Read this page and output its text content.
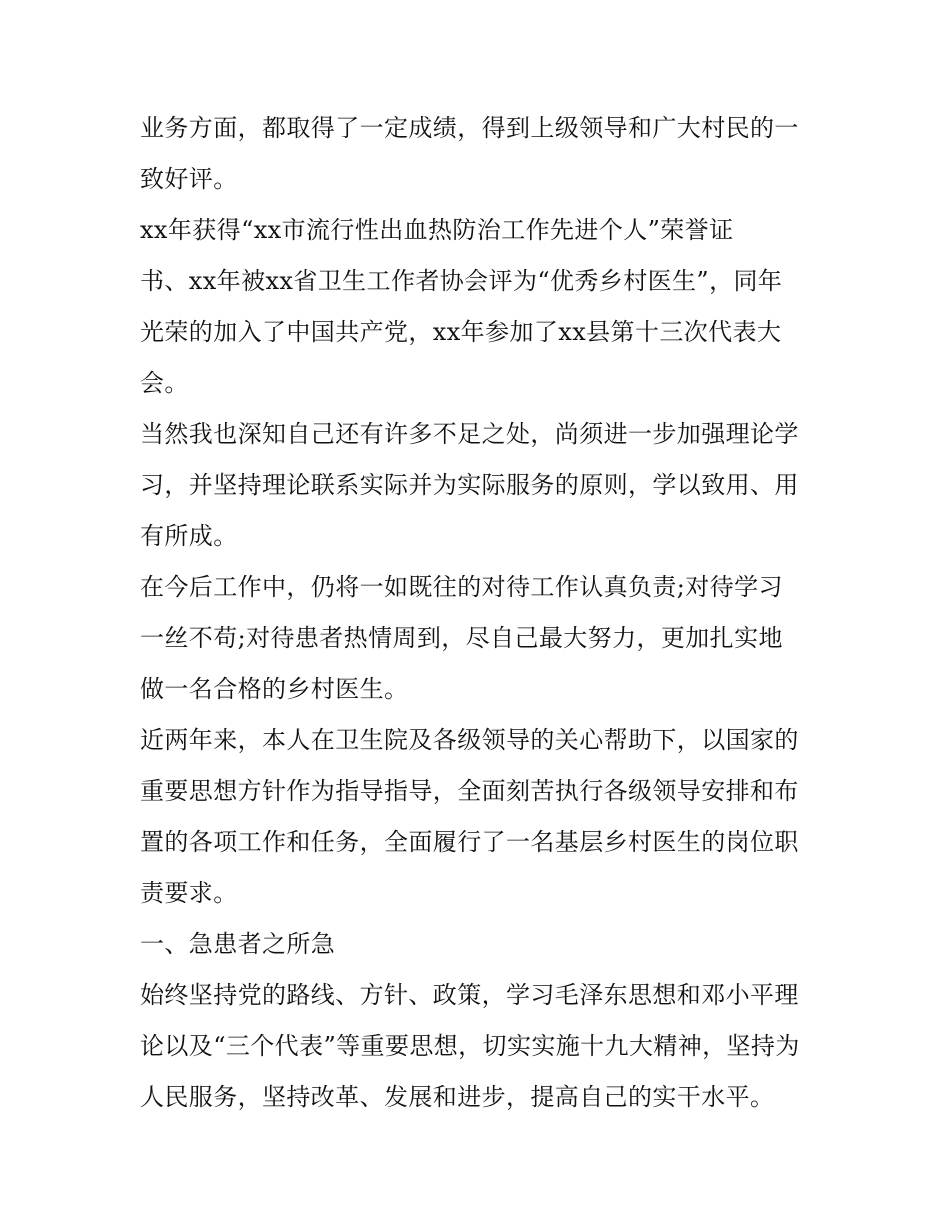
业务方面，都取得了一定成绩，得到上级领导和广大村民的一
致好评。
xx年获得“xx市流行性出血热防治工作先进个人”荣誉证
书、xx年被xx省卫生工作者协会评为“优秀乡村医生”，同年
光荣的加入了中国共产党，xx年参加了xx县第十三次代表大
会。
当然我也深知自己还有许多不足之处，尚须进一步加强理论学
习，并坚持理论联系实际并为实际服务的原则，学以致用、用
有所成。
在今后工作中，仍将一如既往的对待工作认真负责;对待学习
一丝不苟;对待患者热情周到，尽自己最大努力，更加扎实地
做一名合格的乡村医生。
近两年来，本人在卫生院及各级领导的关心帮助下，以国家的
重要思想方针作为指导指导，全面刻苦执行各级领导安排和布
置的各项工作和任务，全面履行了一名基层乡村医生的岗位职
责要求。
一、急患者之所急
始终坚持党的路线、方针、政策，学习毛泽东思想和邓小平理
论以及“三个代表”等重要思想，切实实施十九大精神，坚持为
人民服务，坚持改革、发展和进步，提高自己的实干水平。
